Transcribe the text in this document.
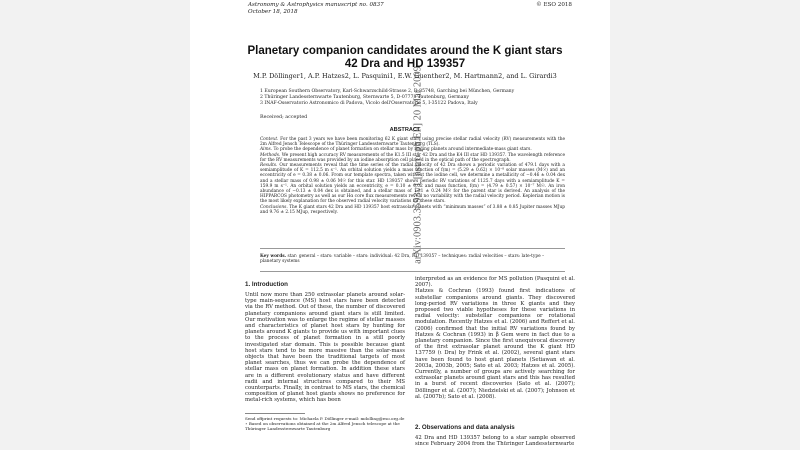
Astronomy & Astrophysics manuscript no. 0837
October 18, 2018
© ESO 2018
arXiv:0903.3593v1 [astro-ph.EP] 20 Mar 2009
Planetary companion candidates around the K giant stars 42 Dra and HD 139357
M.P. Döllinger1, A.P. Hatzes2, L. Pasquini1, E.W. Guenther2, M. Hartmann2, and L. Girardi3
1 European Southern Observatory, Karl-Schwarzschild-Strasse 2, D-85748, Garching bei München, Germany
2 Thüringer Landessternwarte Tautenburg, Sternwarte 5, D-07778 Tautenburg, Germany
3 INAF-Osservatorio Astronomico di Padova, Vicolo dell'Osservatorio 5, I-35122 Padova, Italy
Received; accepted
ABSTRACT

Context. For the past 3 years we have been monitoring 62 K giant stars using precise stellar radial velocity (RV) measurements with the 2m Alfred Jensch Telescope of the Thüringer Landessternwarte Tautenburg (TLS).

Aims. To probe the dependence of planet formation on stellar mass by finding planets around intermediate-mass giant stars.

Methods. We present high accuracy RV measurements of the K1.5 III star 42 Dra and the K4 III star HD 139357. The wavelength reference for the RV measurements was provided by an iodine absorption cell placed in the optical path of the spectrograph.

Results. Our measurements reveal that the time series of the radial velocity of 42 Dra shows a periodic variation of 479.1 days with a semiamplitude of K = 112.5 m s⁻¹. An orbital solution yields a mass function of f(m) = (5.29 ± 0.62) × 10⁻⁸ solar masses (M☉) and an eccentricity of e = 0.38 ± 0.06. From our template spectra, taken without the iodine cell, we determine a metallicity of −0.46 ± 0.04 dex and a stellar mass of 0.98 ± 0.06 M☉ for this star. HD 139357 shows periodic RV variations of 1125.7 days with a semiamplitude K = 159.9 m s⁻¹. An orbital solution yields an eccentricity, e = 0.10 ± 0.02 and mass function, f(m) = (4.79 ± 0.57) × 10⁻⁷ M☉. An iron abundance of −0.13 ± 0.04 dex is obtained, and a stellar mass of 1.31 ± 0.24 M☉ for the parent star is derived. An analysis of the HIPPARCOS photometry as well as our Hα core flux measurements reveal no variability with the radial velocity period. Keplerian motion is the most likely explanation for the observed radial velocity variations for these stars.

Conclusions. The K giant stars 42 Dra and HD 139357 host extrasolar planets with “minimum masses” of 3.88 ± 0.85 Jupiter masses MJup and 9.76 ± 2.15 MJup, respectively.

Key words. star: general – stars: variable – stars: individual: 42 Dra, HD 139357 – techniques: radial velocities – stars: late-type – planetary systems
1. Introduction

Until now more than 250 extrasolar planets around solar-type main-sequence (MS) host stars have been detected via the RV method. Out of these, the number of discovered planetary companions around giant stars is still limited. Our motivation was to enlarge the regime of stellar masses and characteristics of planet host stars by hunting for planets around K giants to provide us with important clues to the process of planet formation in a still poorly investigated star domain. This is possible because giant host stars tend to be more massive than the solar-mass objects that have been the traditional targets of most planet searches, thus we can probe the dependence of stellar mass on planet formation. In addition these stars are in a different evolutionary status and have different radii and internal structures compared to their MS counterparts. Finally, in contrast to MS stars, the chemical composition of planet host giants shows no preference for metal-rich systems, which has been

Send offprint requests to: Michaela P. Döllinger e-mail: mdolling@eso.org.de
⋆ Based on observations obtained at the 2m Alfred Jensch telescope at the Thüringer Landessternwarte Tautenburg

interpreted as an evidence for MS pollution (Pasquini et al. 2007).

Hatzes & Cochran (1993) found first indications of substellar companions around giants. They discovered long-period RV variations in three K giants and they proposed two viable hypotheses for these variations in radial velocity: substellar companions or rotational modulation. Recently Hatzes et al. (2006) and Reffert et al. (2006) confirmed that the initial RV variations found by Hatzes & Cochran (1993) in β Gem were in fact due to a planetary companion. Since the first unequivocal discovery of the first extrasolar planet around the K giant HD 137759 (ι Dra) by Frink et al. (2002), several giant stars have been found to host giant planets (Setiawan et al. 2003a, 2003b, 2005; Sato et al. 2003; Hatzes et al. 2005). Currently, a number of groups are actively searching for extrasolar planets around giant stars and this has resulted in a burst of recent discoveries (Sato et al. (2007); Döllinger et al. (2007); Niedzielski et al. (2007); Johnson et al. (2007b); Sato et al. (2008).

2. Observations and data analysis

42 Dra and HD 139357 belong to a star sample observed since February 2004 from the Thüringer Landessternwarte
